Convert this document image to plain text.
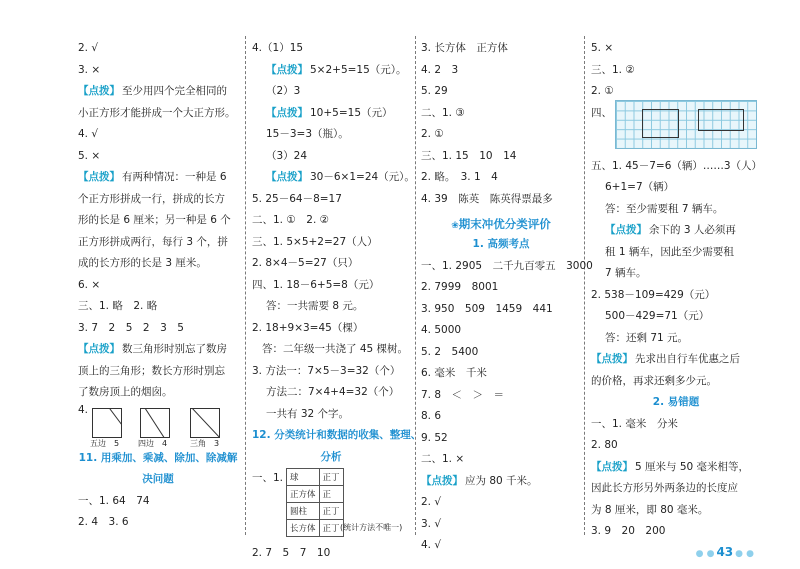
2. √
3. ×
【点拨】 至少用四个完全相同的
小正方形才能拼成一个大正方形。
4. √
5. ×
【点拨】 有两种情况：一种是 6
个正方形拼成一行，拼成的长方
形的长是 6 厘米；另一种是 6 个
正方形拼成两行，每行 3 个，拼
成的长方形的长是 3 厘米。
6. ×
三、1. 略　2. 略
3. 7　2　5　2　3　5
【点拨】 数三角形时别忘了数房
顶上的三角形；数长方形时别忘
了数房顶上的烟囱。
4.
五边　5 四边　4	三角　3
11. 用乘加、乘减、除加、除减解
决问题
一、1. 64　74
2. 4　3. 6
4.（1）15
【点拨】 5×2+5=15（元）。
（2）3
【点拨】 10+5=15（元）
15－3=3（瓶）。
（3）24
【点拨】 30－6×1=24（元）。
5. 25－64－8=17
二、1. ①　2. ②
三、1. 5×5+2=27（人）
2. 8×4－5=27（只）
四、1. 18－6+5=8（元）
答：一共需要 8 元。
2. 18+9×3=45（棵）
答：二年级一共浇了 45 棵树。
3. 方法一：7×5－3=32（个）
方法二：7×4+4=32（个）
一共有 32 个字。
12. 分类统计和数据的收集、整理、
分析
一、1. 球	正丁
正方体	正
圆柱	正丁
长方体	正丁 (统计方法不唯一)
2. 7　5　7　10
3. 长方体　正方体
4. 2　3
5. 29
二、1. ③
2. ①
三、1. 15　10　14
2. 略。　3. 1　4
4. 39　陈英　陈英得票最多
❀期末冲优分类评价
1. 高频考点
一、1. 2905　二千九百零五　3000
2. 7999　8001
3. 950　509　1459　441
4. 5000
5. 2　5400
6. 毫米　千米
7. 8　＜　＞　＝
8. 6
9. 52
二、1. ×
【点拨】 应为 80 千米。
2. √
3. √
4. √
5. ×
三、1. ②
2. ①
四、
五、1. 45－7=6（辆）……3（人）
6+1=7（辆）
答：至少需要租 7 辆车。
【点拨】 余下的 3 人必须再
租 1 辆车，因此至少需要租
7 辆车。
2. 538－109=429（元）
500－429=71（元）
答：还剩 71 元。
【点拨】 先求出自行车优惠之后
的价格，再求还剩多少元。
2. 易错题
一、1. 毫米　分米
2. 80
【点拨】 5 厘米与 50 毫米相等，
因此长方形另外两条边的长度应
为 8 厘米，即 80 毫米。
3. 9　20　200
● ● 43 ● ●
